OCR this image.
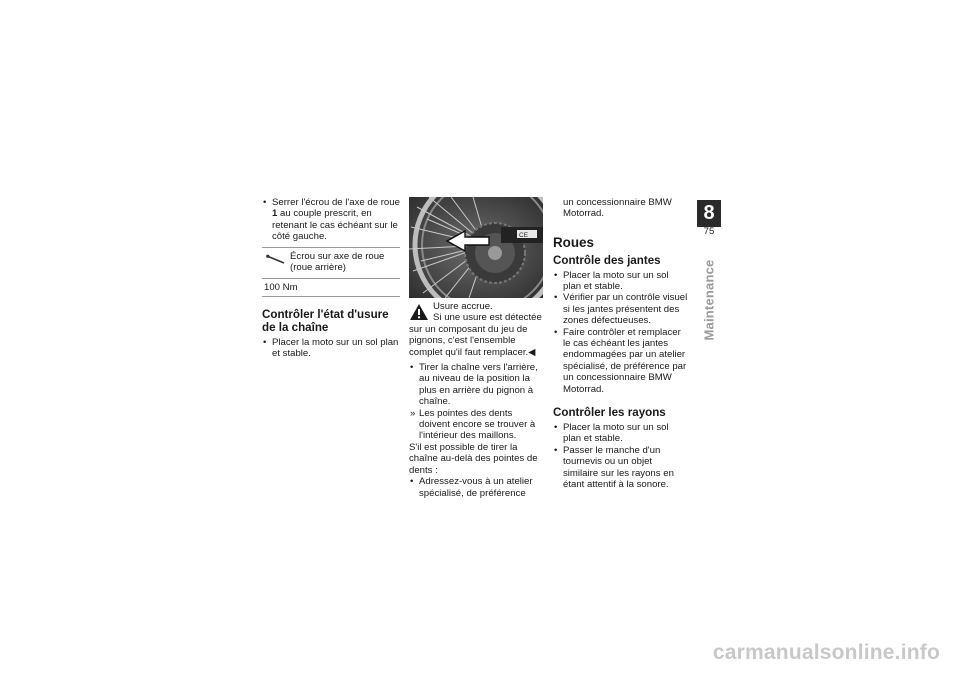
• Serrer l'écrou de l'axe de roue 1 au couple prescrit, en retenant le cas échéant sur le côté gauche.
Écrou sur axe de roue (roue arrière)
100 Nm
Contrôler l'état d'usure de la chaîne
• Placer la moto sur un sol plan et stable.
CE
Usure accrue.
Si une usure est détectée
sur un composant du jeu de pignons, c'est l'ensemble complet qu'il faut remplacer.◀
• Tirer la chaîne vers l'arrière, au niveau de la position la plus en arrière du pignon à chaîne.
» Les pointes des dents doivent encore se trouver à l'intérieur des maillons.
S'il est possible de tirer la chaîne au-delà des pointes de dents :
• Adressez-vous à un atelier spécialisé, de préférence
un concessionnaire BMW Motorrad.
Roues
Contrôle des jantes
• Placer la moto sur un sol plan et stable.
• Vérifier par un contrôle visuel si les jantes présentent des zones défectueuses.
• Faire contrôler et remplacer le cas échéant les jantes endommagées par un atelier spécialisé, de préférence par un concessionnaire BMW Motorrad.
Contrôler les rayons
• Placer la moto sur un sol plan et stable.
• Passer le manche d'un tournevis ou un objet similaire sur les rayons en étant attentif à la sonore.
8
75
Maintenance
carmanualsonline.info
